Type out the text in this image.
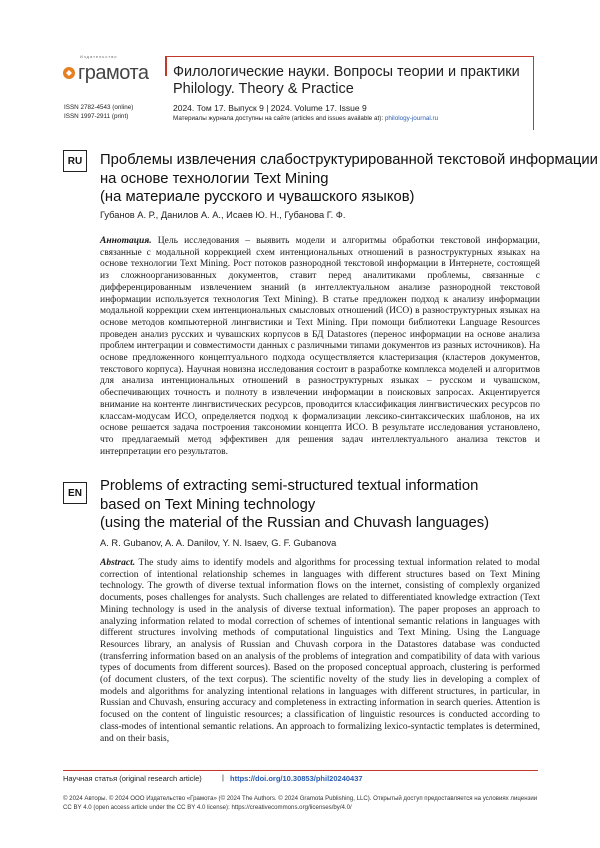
грамота
Издательство
Филологические науки. Вопросы теории и практики
Philology. Theory & Practice
2024. Том 17. Выпуск 9 | 2024. Volume 17. Issue 9
Материалы журнала доступны на сайте (articles and issues available at): philology-journal.ru
ISSN 2782-4543 (online)
ISSN 1997-2911 (print)
RU	Проблемы извлечения слабоструктурированной текстовой информации
на основе технологии Text Mining
(на материале русского и чувашского языков)
Губанов А. Р., Данилов А. А., Исаев Ю. Н., Губанова Г. Ф.
Аннотация. Цель исследования – выявить модели и алгоритмы обработки текстовой информации, связанные с модальной коррекцией схем интенциональных отношений в разноструктурных языках на основе технологии Text Mining. Рост потоков разнородной текстовой информации в Интернете, состоящей из сложноорганизованных документов, ставит перед аналитиками проблемы, связанные с дифференцированным извлечением знаний (в интеллектуальном анализе разнородной текстовой информации используется технология Text Mining). В статье предложен подход к анализу информации модальной коррекции схем интенциональных смысловых отношений (ИСО) в разноструктурных языках на основе методов компьютерной лингвистики и Text Mining. При помощи библиотеки Language Resources проведен анализ русских и чувашских корпусов в БД Datastores (перенос информации на основе анализа проблем интеграции и совместимости данных с различными типами документов из разных источников). На основе предложенного концептуального подхода осуществляется кластеризация (кластеров документов, текстового корпуса). Научная новизна исследования состоит в разработке комплекса моделей и алгоритмов для анализа интенциональных отношений в разноструктурных языках – русском и чувашском, обеспечивающих точность и полноту в извлечении информации в поисковых запросах. Акцентируется внимание на контенте лингвистических ресурсов, проводится классификация лингвистических ресурсов по классам-модусам ИСО, определяется подход к формализации лексико-синтаксических шаблонов, на их основе решается задача построения таксономии концепта ИСО. В результате исследования установлено, что предлагаемый метод эффективен для решения задач интеллектуального анализа текстов и интерпретации его результатов.
EN	Problems of extracting semi-structured textual information
based on Text Mining technology
(using the material of the Russian and Chuvash languages)
A. R. Gubanov, A. A. Danilov, Y. N. Isaev, G. F. Gubanova
Abstract. The study aims to identify models and algorithms for processing textual information related to modal correction of intentional relationship schemes in languages with different structures based on Text Mining technology. The growth of diverse textual information flows on the internet, consisting of complexly organized documents, poses challenges for analysts. Such challenges are related to differentiated knowledge extraction (Text Mining technology is used in the analysis of diverse textual information). The paper proposes an approach to analyzing information related to modal correction of schemes of intentional semantic relations in languages with different structures involving methods of computational linguistics and Text Mining. Using the Language Resources library, an analysis of Russian and Chuvash corpora in the Datastores database was conducted (transferring information based on an analysis of the problems of integration and compatibility of data with various types of documents from different sources). Based on the proposed conceptual approach, clustering is performed (of document clusters, of the text corpus). The scientific novelty of the study lies in developing a complex of models and algorithms for analyzing intentional relations in languages with different structures, in particular, in Russian and Chuvash, ensuring accuracy and completeness in extracting information in search queries. Attention is focused on the content of linguistic resources; a classification of linguistic resources is conducted according to class-modes of intentional semantic relations. An approach to formalizing lexico-syntactic templates is determined, and on their basis,
Научная статья (original research article)	| https://doi.org/10.30853/phil20240437
© 2024 Авторы. © 2024 ООО Издательство «Грамота» (© 2024 The Authors. © 2024 Gramota Publishing, LLC). Открытый доступ предоставляется на условиях лицензии CC BY 4.0 (open access article under the CC BY 4.0 license): https://creativecommons.org/licenses/by/4.0/
